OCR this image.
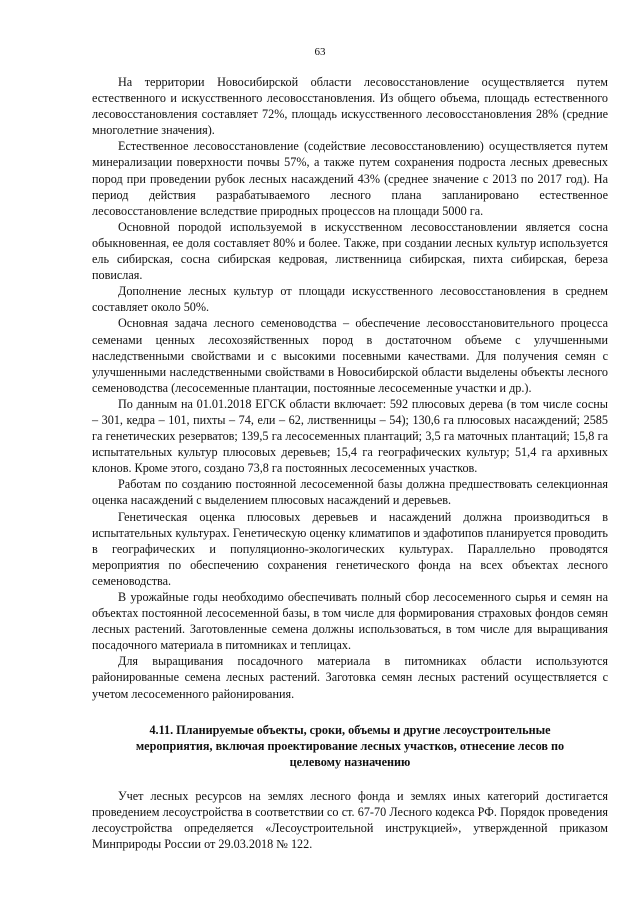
63

На территории Новосибирской области лесовосстановление осуществляется путем естественного и искусственного лесовосстановления. Из общего объема, площадь естественного лесовосстановления составляет 72%, площадь искусственного лесовосстановления 28% (средние многолетние значения).

Естественное лесовосстановление (содействие лесовосстановлению) осуществляется путем минерализации поверхности почвы 57%, а также путем сохранения подроста лесных древесных пород при проведении рубок лесных насаждений 43% (среднее значение с 2013 по 2017 год). На период действия разрабатываемого лесного плана запланировано естественное лесовосстановление вследствие природных процессов на площади 5000 га.

Основной породой используемой в искусственном лесовосстановлении является сосна обыкновенная, ее доля составляет 80% и более. Также, при создании лесных культур используется ель сибирская, сосна сибирская кедровая, лиственница сибирская, пихта сибирская, береза повислая.

Дополнение лесных культур от площади искусственного лесовосстановления в среднем составляет около 50%.

Основная задача лесного семеноводства – обеспечение лесовосстановительного процесса семенами ценных лесохозяйственных пород в достаточном объеме с улучшенными наследственными свойствами и с высокими посевными качествами. Для получения семян с улучшенными наследственными свойствами в Новосибирской области выделены объекты лесного семеноводства (лесосеменные плантации, постоянные лесосеменные участки и др.).

По данным на 01.01.2018 ЕГСК области включает: 592 плюсовых дерева (в том числе сосны – 301, кедра – 101, пихты – 74, ели – 62, лиственницы – 54); 130,6 га плюсовых насаждений; 2585 га генетических резерватов; 139,5 га лесосеменных плантаций; 3,5 га маточных плантаций; 15,8 га испытательных культур плюсовых деревьев; 15,4 га географических культур; 51,4 га архивных клонов. Кроме этого, создано 73,8 га постоянных лесосеменных участков.

Работам по созданию постоянной лесосеменной базы должна предшествовать селекционная оценка насаждений с выделением плюсовых насаждений и деревьев.

Генетическая оценка плюсовых деревьев и насаждений должна производиться в испытательных культурах. Генетическую оценку климатипов и эдафотипов планируется проводить в географических и популяционно-экологических культурах. Параллельно проводятся мероприятия по обеспечению сохранения генетического фонда на всех объектах лесного семеноводства.

В урожайные годы необходимо обеспечивать полный сбор лесосеменного сырья и семян на объектах постоянной лесосеменной базы, в том числе для формирования страховых фондов семян лесных растений. Заготовленные семена должны использоваться, в том числе для выращивания посадочного материала в питомниках и теплицах.

Для выращивания посадочного материала в питомниках области используются районированные семена лесных растений. Заготовка семян лесных растений осуществляется с учетом лесосеменного районирования.

4.11. Планируемые объекты, сроки, объемы и другие лесоустроительные мероприятия, включая проектирование лесных участков, отнесение лесов по целевому назначению

Учет лесных ресурсов на землях лесного фонда и землях иных категорий достигается проведением лесоустройства в соответствии со ст. 67-70 Лесного кодекса РФ. Порядок проведения лесоустройства определяется «Лесоустроительной инструкцией», утвержденной приказом Минприроды России от 29.03.2018 № 122.
